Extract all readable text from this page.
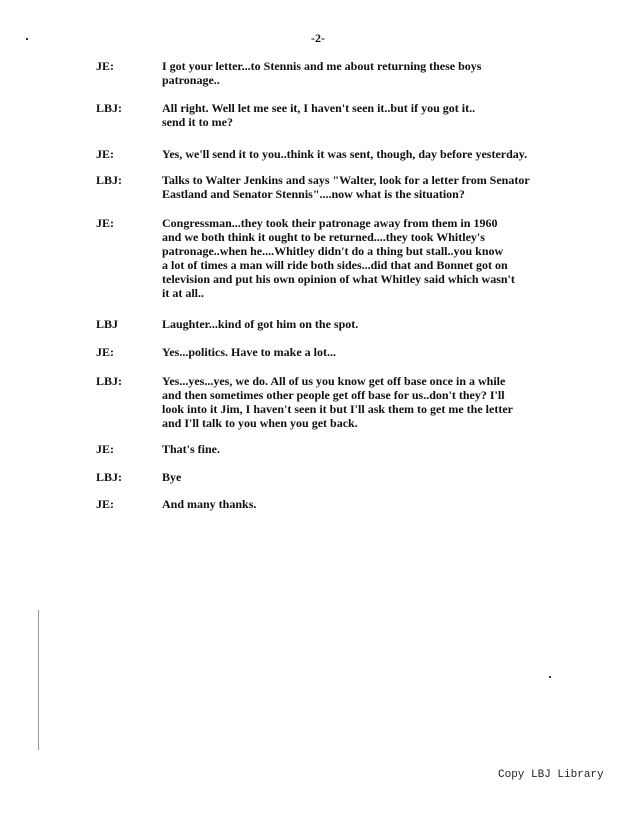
-2-
JE:	I got your letter...to Stennis and me about returning these boys
patronage..
LBJ:	All right. Well let me see it, I haven't seen it..but if you got it..
send it to me?
JE:	Yes, we'll send it to you..think it was sent, though, day before yesterday.
LBJ:	Talks to Walter Jenkins and says "Walter, look for a letter from Senator
Eastland and Senator Stennis"....now what is the situation?
JE:	Congressman...they took their patronage away from them in 1960
and we both think it ought to be returned....they took Whitley's
patronage..when he....Whitley didn't do a thing but stall..you know
a lot of times a man will ride both sides...did that and Bonnet got on
television and put his own opinion of what Whitley said which wasn't
it at all..
LBJ	Laughter...kind of got him on the spot.
JE:	Yes...politics. Have to make a lot...
LBJ:	Yes...yes...yes, we do. All of us you know get off base once in a while
and then sometimes other people get off base for us..don't they? I'll
look into it Jim, I haven't seen it but I'll ask them to get me the letter
and I'll talk to you when you get back.
JE:	That's fine.
LBJ:	Bye
JE:	And many thanks.
Copy LBJ Library
